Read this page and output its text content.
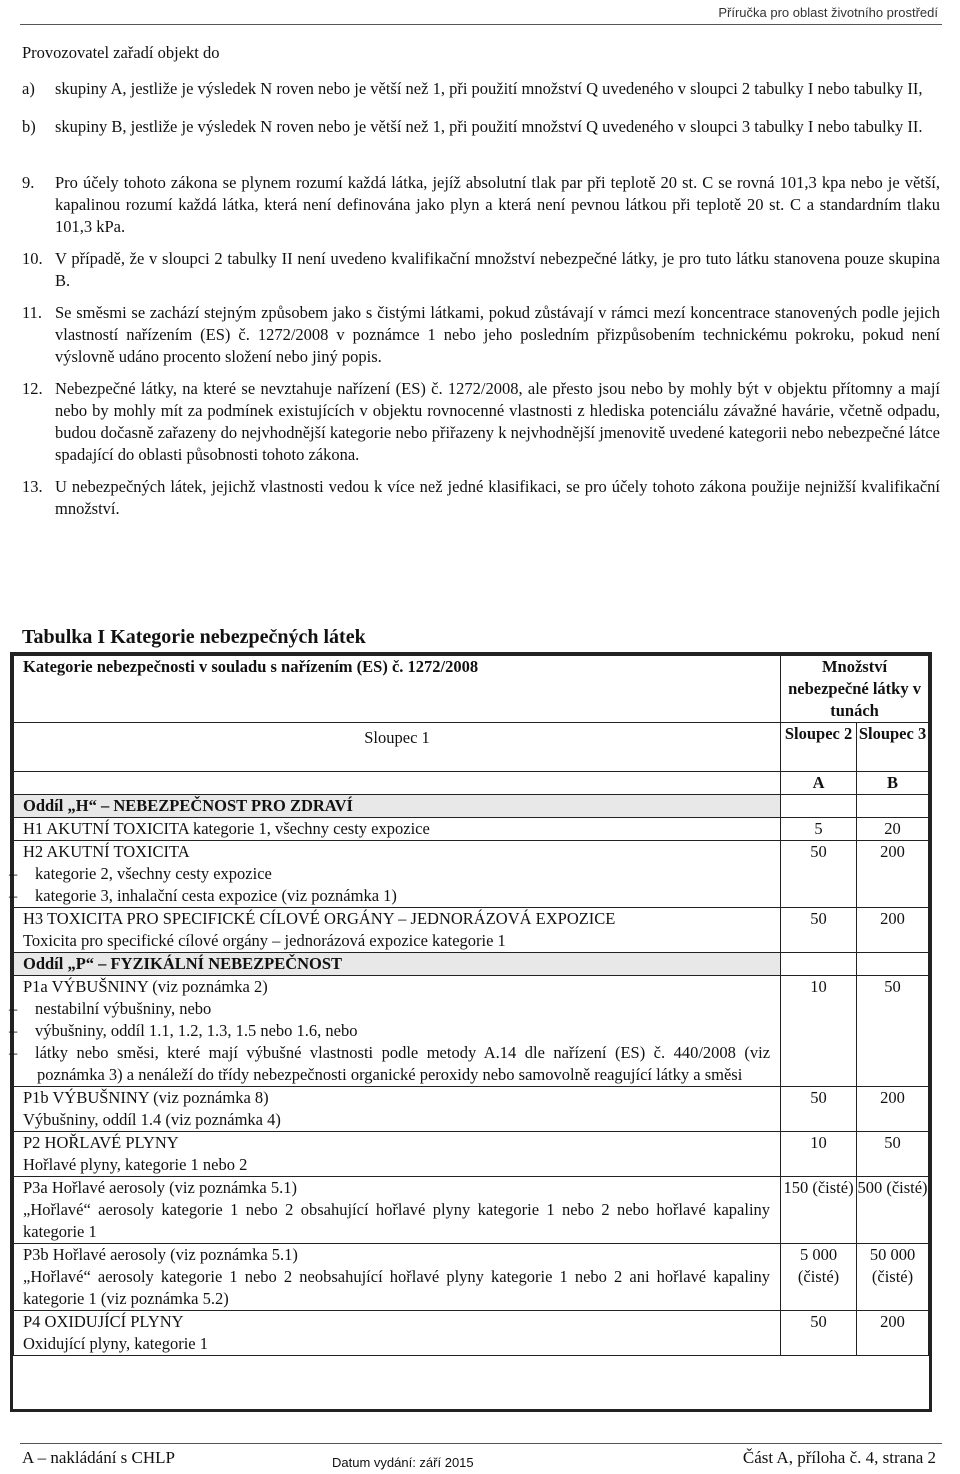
Příručka pro oblast životního prostředí

Provozovatel zařadí objekt do

a) skupiny A, jestliže je výsledek N roven nebo je větší než 1, při použití množství Q uvedeného v sloupci 2 tabulky I nebo tabulky II,
b) skupiny B, jestliže je výsledek N roven nebo je větší než 1, při použití množství Q uvedeného v sloupci 3 tabulky I nebo tabulky II.
9. Pro účely tohoto zákona se plynem rozumí každá látka, jejíž absolutní tlak par při teplotě 20 st. C se rovná 101,3 kpa nebo je větší, kapalinou rozumí každá látka, která není definována jako plyn a která není pevnou látkou při teplotě 20 st. C a standardním tlaku 101,3 kPa.
10. V případě, že v sloupci 2 tabulky II není uvedeno kvalifikační množství nebezpečné látky, je pro tuto látku stanovena pouze skupina B.
11. Se směsmi se zachází stejným způsobem jako s čistými látkami, pokud zůstávají v rámci mezí koncentrace stanovených podle jejich vlastností nařízením (ES) č. 1272/2008 v poznámce 1 nebo jeho posledním přizpůsobením technickému pokroku, pokud není výslovně udáno procento složení nebo jiný popis.
12. Nebezpečné látky, na které se nevztahuje nařízení (ES) č. 1272/2008, ale přesto jsou nebo by mohly být v objektu přítomny a mají nebo by mohly mít za podmínek existujících v objektu rovnocenné vlastnosti z hlediska potenciálu závažné havárie, včetně odpadu, budou dočasně zařazeny do nejvhodnější kategorie nebo přiřazeny k nejvhodnější jmenovitě uvedené kategorii nebo nebezpečné látce spadající do oblasti působnosti tohoto zákona.
13. U nebezpečných látek, jejichž vlastnosti vedou k více než jedné klasifikaci, se pro účely tohoto zákona použije nejnižší kvalifikační množství.
Tabulka I Kategorie nebezpečných látek
Kategorie nebezpečnosti v souladu s nařízením (ES) č. 1272/2008	Množství nebezpečné látky v tunách	
Sloupec 1	Sloupec 2	Sloupec 3
	A	B
Oddíl „H“ – NEBEZPEČNOST PRO ZDRAVÍ		

H1 AKUTNÍ TOXICITA kategorie 1, všechny cesty expozice	5	20

H2 AKUTNÍ TOXICITA
– kategorie 2, všechny cesty expozice
– kategorie 3, inhalační cesta expozice (viz poznámka 1)	50	200

H3 TOXICITA PRO SPECIFICKÉ CÍLOVÉ ORGÁNY – JEDNORÁZOVÁ EXPOZICE
Toxicita pro specifické cílové orgány – jednorázová expozice kategorie 1	50	200
Oddíl „P“ – FYZIKÁLNÍ NEBEZPEČNOST		

P1a VÝBUŠNINY (viz poznámka 2)
– nestabilní výbušniny, nebo
– výbušniny, oddíl 1.1, 1.2, 1.3, 1.5 nebo 1.6, nebo
– látky nebo směsi, které mají výbušné vlastnosti podle metody A.14 dle nařízení (ES) č. 440/2008 (viz poznámka 3) a nenáleží do třídy nebezpečnosti organické peroxidy nebo samovolně reagující látky a směsi	10	50

P1b VÝBUŠNINY (viz poznámka 8)
Výbušniny, oddíl 1.4 (viz poznámka 4)	50	200

P2 HOŘLAVÉ PLYNY
Hořlavé plyny, kategorie 1 nebo 2	10	50

P3a Hořlavé aerosoly (viz poznámka 5.1)
„Hořlavé“ aerosoly kategorie 1 nebo 2 obsahující hořlavé plyny kategorie 1 nebo 2 nebo hořlavé kapaliny kategorie 1	150 (čisté)	500 (čisté)

P3b Hořlavé aerosoly (viz poznámka 5.1)
„Hořlavé“ aerosoly kategorie 1 nebo 2 neobsahující hořlavé plyny kategorie 1 nebo 2 ani hořlavé kapaliny kategorie 1 (viz poznámka 5.2)	5 000 (čisté)	50 000 (čisté)

P4 OXIDUJÍCÍ PLYNY
Oxidující plyny, kategorie 1	50	200
A – nakládání s CHLP	Datum vydání: září 2015	Část A, příloha č. 4, strana 2
